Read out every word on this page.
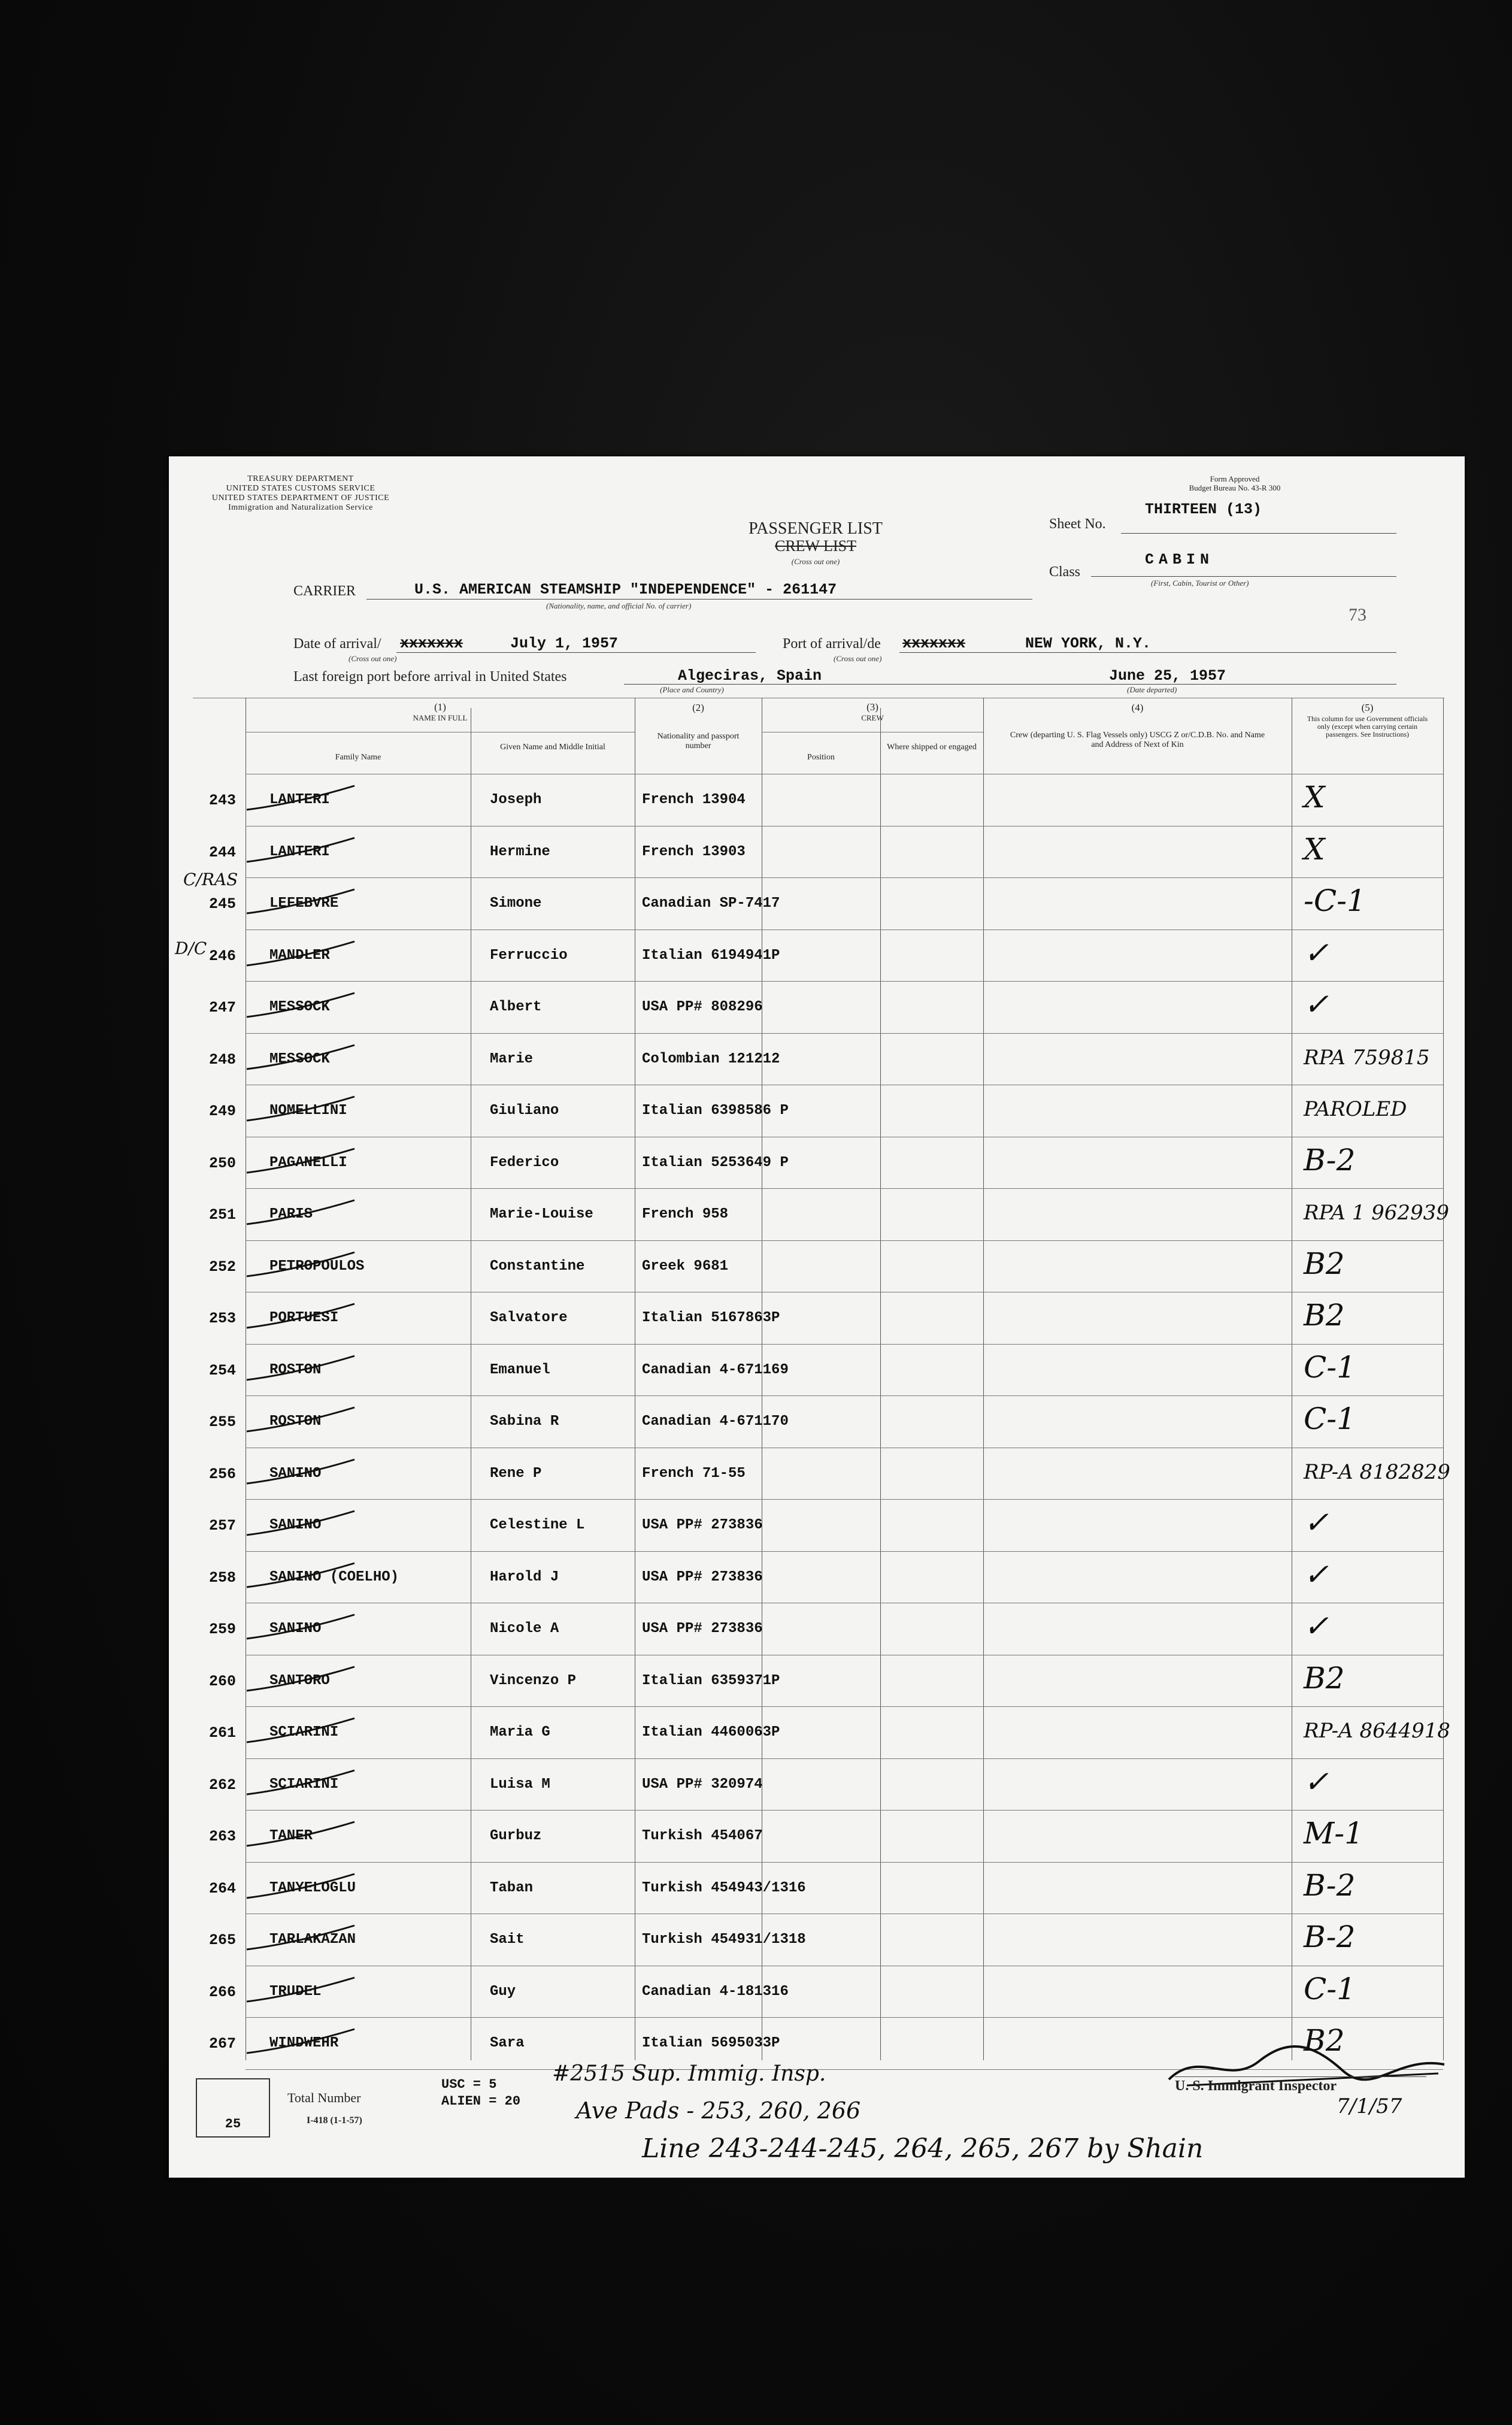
TREASURY DEPARTMENT
UNITED STATES CUSTOMS SERVICE
UNITED STATES DEPARTMENT OF JUSTICE
Immigration and Naturalization Service
Form Approved
Budget Bureau No. 43-R 300
PASSENGER LIST
CREW LIST
(Cross out one)
Sheet No.
THIRTEEN (13)
CABIN
Class
(First, Cabin, Tourist or Other)
CARRIER	U.S. AMERICAN STEAMSHIP "INDEPENDENCE" - 261147
(Nationality, name, and official No. of carrier)	73
Date of arrival/ xxxxxxx	July 1, 1957
(Cross out one)
Port of arrival/de xxxxxxx	NEW YORK, N.Y.
(Cross out one)
Last foreign port before arrival in United States	Algeciras, Spain	June 25, 1957
(Place and Country)	(Date departed)
(1)
NAME IN FULL
Family Name
Given Name and Middle Initial
(2)
Nationality and passport number
(3)
CREW
Position
Where shipped or engaged
(4)
Crew (departing U. S. Flag Vessels only) USCG Z or/C.D.B. No. and Name and Address of Next of Kin
(5)
This column for use Government officials only (except when carrying certain passengers. See Instructions)
243 LANTERI	Joseph	French 13904	X
244 LANTERI	Hermine	French 13903	X
245 LEFEBVRE	Simone	Canadian SP-7417	-C-1
246 MANDLER	Ferruccio	Italian 6194941P	✓
247 MESSOCK	Albert	USA PP# 808296	✓
248 MESSOCK	Marie	Colombian 121212	RPA 759815
249 NOMELLINI	Giuliano	Italian 6398586 P	PAROLED
250 PAGANELLI	Federico	Italian 5253649 P	B-2
251 PARIS	Marie-Louise	French 958	RPA 1 962939
252 PETROPOULOS	Constantine	Greek 9681	B2
253 PORTUESI	Salvatore	Italian 5167863P	B2
254 ROSTON	Emanuel	Canadian 4-671169	C-1
255 ROSTON	Sabina R	Canadian 4-671170	C-1
256 SANINO	Rene P	French 71-55	RP-A 8182829
257 SANINO	Celestine L	USA PP# 273836	✓
258 SANINO (COELHO)	Harold J	USA PP# 273836	✓
259 SANINO	Nicole A	USA PP# 273836	✓
260 SANTORO	Vincenzo P	Italian 6359371P	B2
261 SCIARINI	Maria G	Italian 4460063P	RP-A 8644918
262 SCIARINI	Luisa M	USA PP# 320974	✓
263 TANER	Gurbuz	Turkish 454067	M-1
264 TANYELOGLU	Taban	Turkish 454943/1316	B-2
265 TARLAKAZAN	Sait	Turkish 454931/1318	B-2
266 TRUDEL	Guy	Canadian 4-181316	C-1
267 WINDWEHR	Sara	Italian 5695033P	B2
C/RAS
D/C
25
Total Number
I-418 (1-1-57)
USC = 5
ALIEN = 20
#2515 Sup. Immig. Insp.
Ave Pads - 253, 260, 266
Line 243-244-245, 264, 265, 267 by Shain
U. S. Immigrant Inspector
7/1/57
